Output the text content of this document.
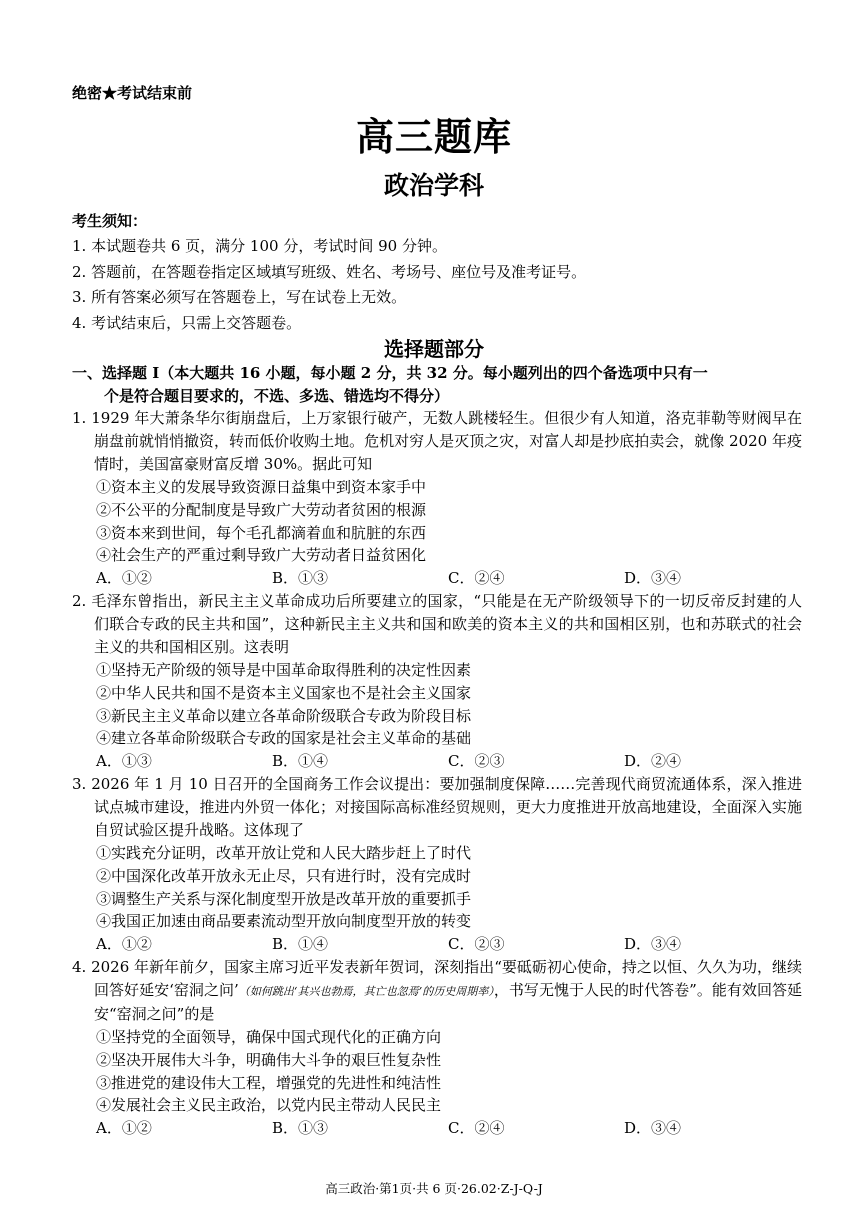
绝密★考试结束前
高三题库
政治学科
考生须知：
1. 本试题卷共 6 页，满分 100 分，考试时间 90 分钟。
2. 答题前，在答题卷指定区域填写班级、姓名、考场号、座位号及准考证号。
3. 所有答案必须写在答题卷上，写在试卷上无效。
4. 考试结束后，只需上交答题卷。
选择题部分
一、选择题 I（本大题共 16 小题，每小题 2 分，共 32 分。每小题列出的四个备选项中只有一
个是符合题目要求的，不选、多选、错选均不得分）
1. 1929 年大萧条华尔街崩盘后，上万家银行破产，无数人跳楼轻生。但很少有人知道，洛克菲勒等财阀早在崩盘前就悄悄撤资，转而低价收购土地。危机对穷人是灭顶之灾，对富人却是抄底拍卖会，就像 2020 年疫情时，美国富豪财富反增 30%。据此可知
①资本主义的发展导致资源日益集中到资本家手中
②不公平的分配制度是导致广大劳动者贫困的根源
③资本来到世间，每个毛孔都滴着血和肮脏的东西
④社会生产的严重过剩导致广大劳动者日益贫困化
A．①②	B．①③	C．②④	D．③④
2. 毛泽东曾指出，新民主主义革命成功后所要建立的国家，“只能是在无产阶级领导下的一切反帝反封建的人们联合专政的民主共和国”，这种新民主主义共和国和欧美的资本主义的共和国相区别，也和苏联式的社会主义的共和国相区别。这表明
①坚持无产阶级的领导是中国革命取得胜利的决定性因素
②中华人民共和国不是资本主义国家也不是社会主义国家
③新民主主义革命以建立各革命阶级联合专政为阶段目标
④建立各革命阶级联合专政的国家是社会主义革命的基础
A．①③	B．①④	C．②③	D．②④
3. 2026 年 1 月 10 日召开的全国商务工作会议提出：要加强制度保障……完善现代商贸流通体系，深入推进试点城市建设，推进内外贸一体化；对接国际高标准经贸规则，更大力度推进开放高地建设，全面深入实施自贸试验区提升战略。这体现了
①实践充分证明，改革开放让党和人民大踏步赶上了时代
②中国深化改革开放永无止尽，只有进行时，没有完成时
③调整生产关系与深化制度型开放是改革开放的重要抓手
④我国正加速由商品要素流动型开放向制度型开放的转变
A．①②	B．①④	C．②③	D．③④
4. 2026 年新年前夕，国家主席习近平发表新年贺词，深刻指出“要砥砺初心使命，持之以恒、久久为功，继续回答好延安‘窑洞之问’（如何跳出‘其兴也勃焉，其亡也忽焉’的历史周期率），书写无愧于人民的时代答卷”。能有效回答延安“窑洞之问”的是
①坚持党的全面领导，确保中国式现代化的正确方向
②坚决开展伟大斗争，明确伟大斗争的艰巨性复杂性
③推进党的建设伟大工程，增强党的先进性和纯洁性
④发展社会主义民主政治，以党内民主带动人民民主
A．①②	B．①③	C．②④	D．③④
高三政治·第1页·共 6 页·26.02·Z-J-Q-J
